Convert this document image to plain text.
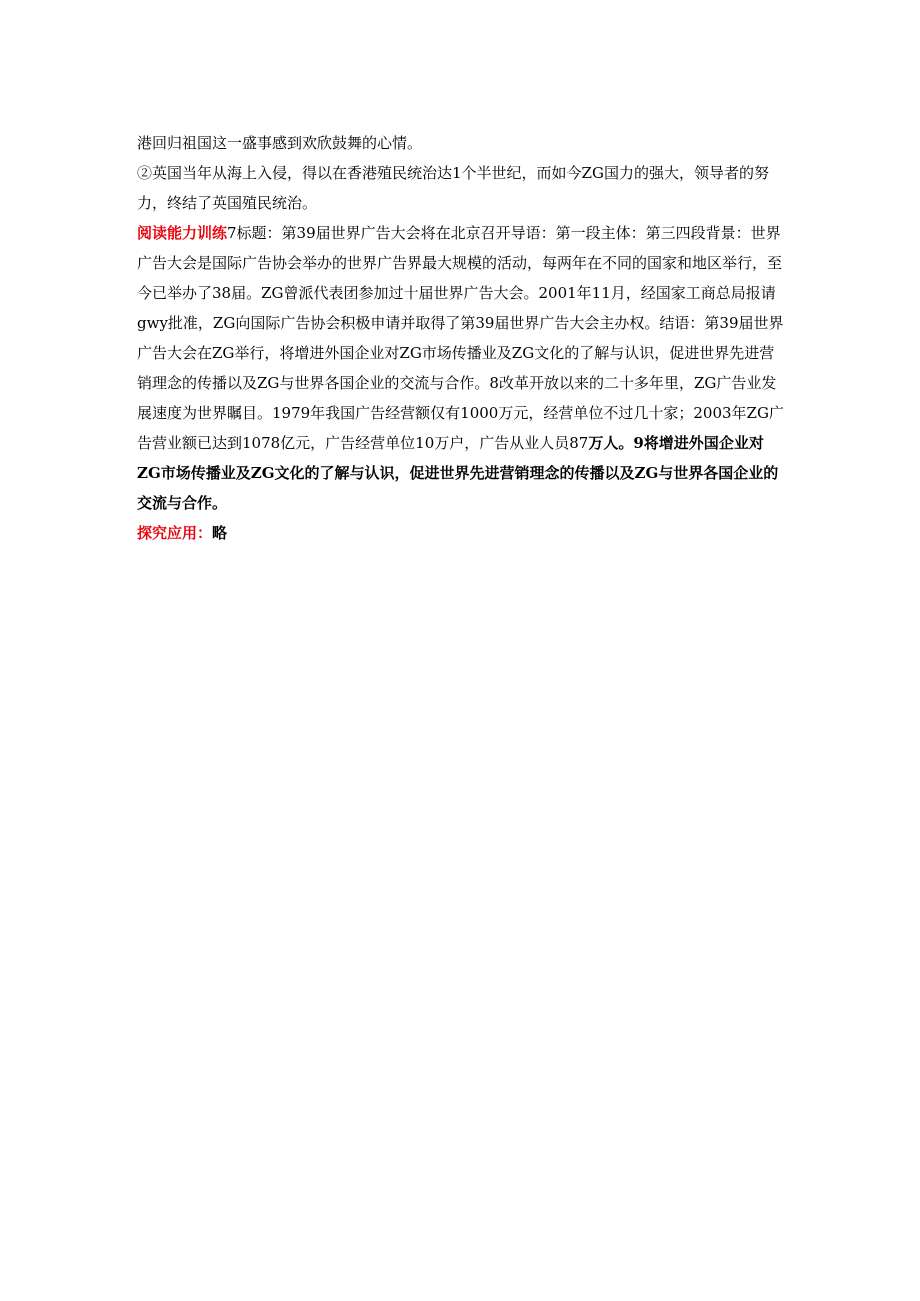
港回归祖国这一盛事感到欢欣鼓舞的心情。

②英国当年从海上入侵，得以在香港殖民统治达1个半世纪，而如今ZG国力的强大，领导者的努力，终结了英国殖民统治。

阅读能力训练7标题：第39届世界广告大会将在北京召开导语：第一段主体：第三四段背景：世界广告大会是国际广告协会举办的世界广告界最大规模的活动，每两年在不同的国家和地区举行，至今已举办了38届。ZG曾派代表团参加过十届世界广告大会。2001年11月，经国家工商总局报请gwy批准，ZG向国际广告协会积极申请并取得了第39届世界广告大会主办权。结语：第39届世界广告大会在ZG举行，将增进外国企业对ZG市场传播业及ZG文化的了解与认识，促进世界先进营销理念的传播以及ZG与世界各国企业的交流与合作。8改革开放以来的二十多年里，ZG广告业发展速度为世界瞩目。1979年我国广告经营额仅有1000万元，经营单位不过几十家；2003年ZG广告营业额已达到1078亿元，广告经营单位10万户，广告从业人员87万人。9将增进外国企业对ZG市场传播业及ZG文化的了解与认识，促进世界先进营销理念的传播以及ZG与世界各国企业的交流与合作。

探究应用：略
